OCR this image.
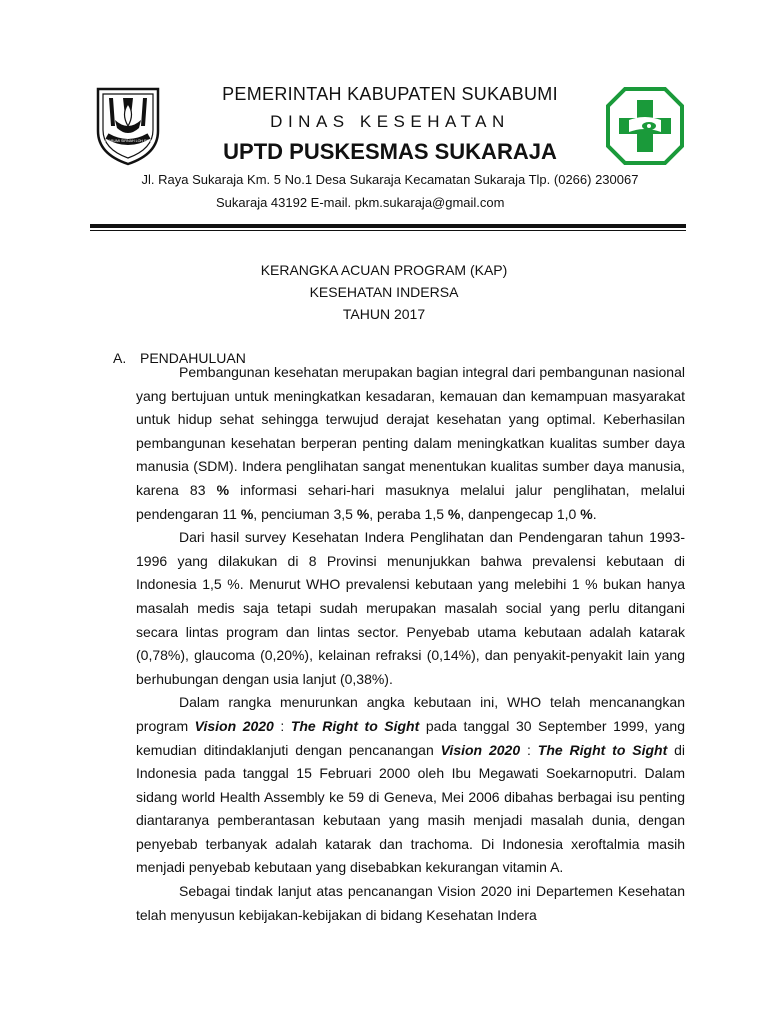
SUKABUMI SIRNAH LOH RIPAH
PEMERINTAH KABUPATEN SUKABUMI
DINAS KESEHATAN
UPTD PUSKESMAS SUKARAJA
Jl. Raya Sukaraja Km. 5 No.1 Desa Sukaraja Kecamatan Sukaraja Tlp. (0266) 230067
Sukaraja 43192 E-mail. pkm.sukaraja@gmail.com
KERANGKA ACUAN PROGRAM (KAP)
KESEHATAN INDERSA
TAHUN 2017
A. PENDAHULUAN

Pembangunan kesehatan merupakan bagian integral dari pembangunan nasional yang bertujuan untuk meningkatkan kesadaran, kemauan dan kemampuan masyarakat untuk hidup sehat sehingga terwujud derajat kesehatan yang optimal. Keberhasilan pembangunan kesehatan berperan penting dalam meningkatkan kualitas sumber daya manusia (SDM). Indera penglihatan sangat menentukan kualitas sumber daya manusia, karena 83 % informasi sehari-hari masuknya melalui jalur penglihatan, melalui pendengaran 11 %, penciuman 3,5 %, peraba 1,5 %, danpengecap 1,0 %.

Dari hasil survey Kesehatan Indera Penglihatan dan Pendengaran tahun 1993-1996 yang dilakukan di 8 Provinsi menunjukkan bahwa prevalensi kebutaan di Indonesia 1,5 %. Menurut WHO prevalensi kebutaan yang melebihi 1 % bukan hanya masalah medis saja tetapi sudah merupakan masalah social yang perlu ditangani secara lintas program dan lintas sector. Penyebab utama kebutaan adalah katarak (0,78%), glaucoma (0,20%), kelainan refraksi (0,14%), dan penyakit-penyakit lain yang berhubungan dengan usia lanjut (0,38%).

Dalam rangka menurunkan angka kebutaan ini, WHO telah mencanangkan program Vision 2020 : The Right to Sight pada tanggal 30 September 1999, yang kemudian ditindaklanjuti dengan pencanangan Vision 2020 : The Right to Sight di Indonesia pada tanggal 15 Februari 2000 oleh Ibu Megawati Soekarnoputri. Dalam sidang world Health Assembly ke 59 di Geneva, Mei 2006 dibahas berbagai isu penting diantaranya pemberantasan kebutaan yang masih menjadi masalah dunia, dengan penyebab terbanyak adalah katarak dan trachoma. Di Indonesia xeroftalmia masih menjadi penyebab kebutaan yang disebabkan kekurangan vitamin A.

Sebagai tindak lanjut atas pencanangan Vision 2020 ini Departemen Kesehatan telah menyusun kebijakan-kebijakan di bidang Kesehatan Indera
